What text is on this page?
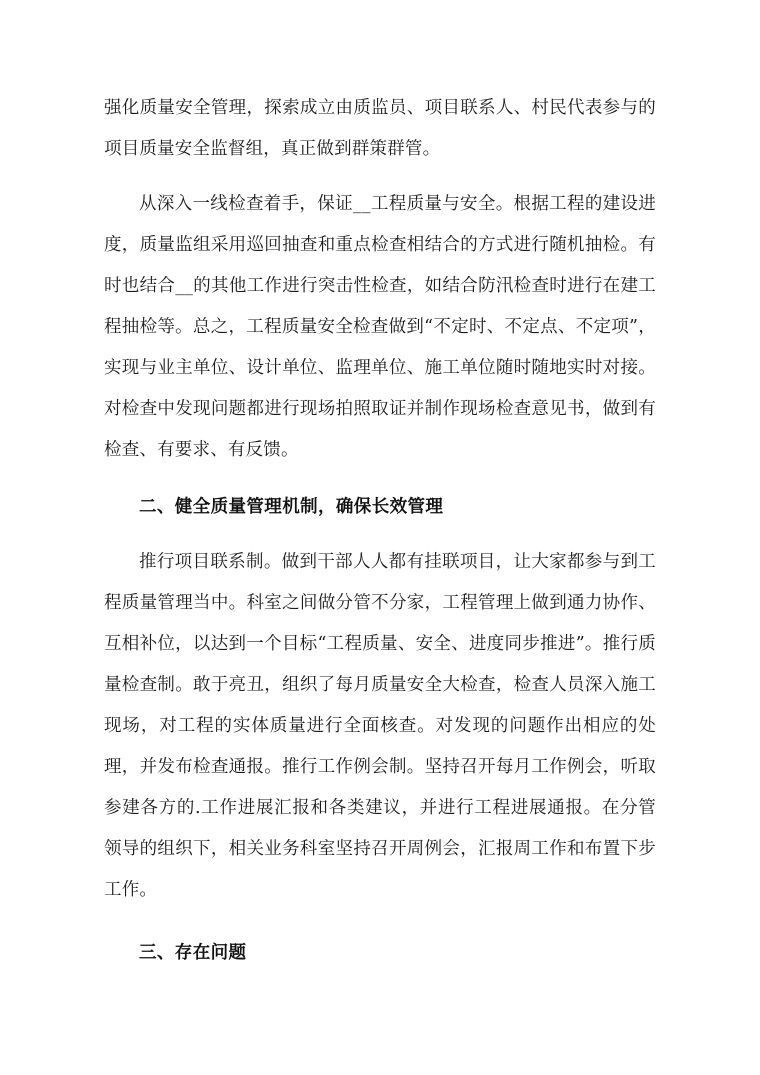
强化质量安全管理，探索成立由质监员、项目联系人、村民代表参与的项目质量安全监督组，真正做到群策群管。

从深入一线检查着手，保证__工程质量与安全。根据工程的建设进度，质量监组采用巡回抽查和重点检查相结合的方式进行随机抽检。有时也结合__的其他工作进行突击性检查，如结合防汛检查时进行在建工程抽检等。总之，工程质量安全检查做到“不定时、不定点、不定项”，实现与业主单位、设计单位、监理单位、施工单位随时随地实时对接。对检查中发现问题都进行现场拍照取证并制作现场检查意见书，做到有检查、有要求、有反馈。

二、健全质量管理机制，确保长效管理

推行项目联系制。做到干部人人都有挂联项目，让大家都参与到工程质量管理当中。科室之间做分管不分家，工程管理上做到通力协作、互相补位，以达到一个目标“工程质量、安全、进度同步推进”。推行质量检查制。敢于亮丑，组织了每月质量安全大检查，检查人员深入施工现场，对工程的实体质量进行全面核查。对发现的问题作出相应的处理，并发布检查通报。推行工作例会制。坚持召开每月工作例会，听取参建各方的.工作进展汇报和各类建议，并进行工程进展通报。在分管领导的组织下，相关业务科室坚持召开周例会，汇报周工作和布置下步工作。

三、存在问题
